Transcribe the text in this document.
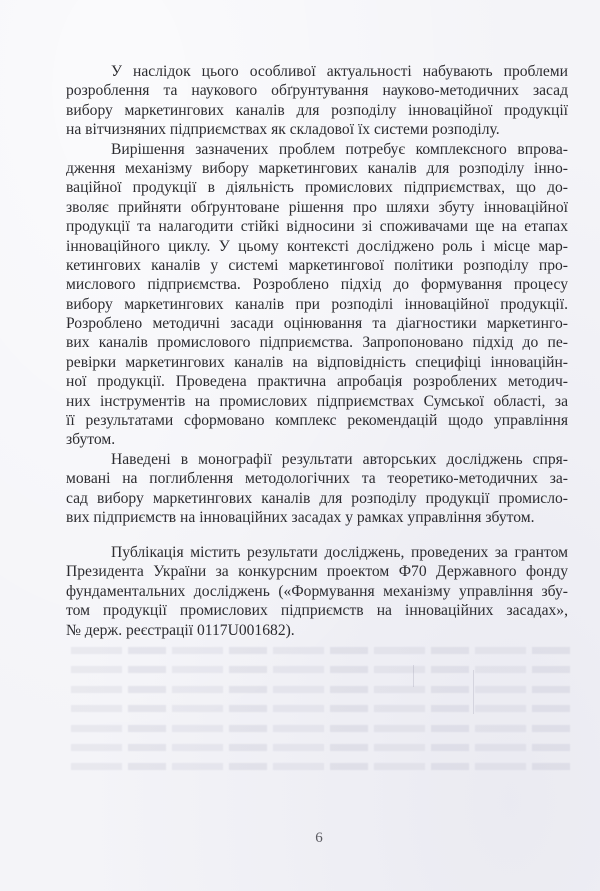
У наслідок цього особливої актуальності набувають проблеми
розроблення та наукового обґрунтування науково-методичних засад
вибору маркетингових каналів для розподілу інноваційної продукції
на вітчизняних підприємствах як складової їх системи розподілу.
Вирішення зазначених проблем потребує комплексного впрова-
дження механізму вибору маркетингових каналів для розподілу інно-
ваційної продукції в діяльність промислових підприємствах, що до-
зволяє прийняти обґрунтоване рішення про шляхи збуту інноваційної
продукції та налагодити стійкі відносини зі споживачами ще на етапах
інноваційного циклу. У цьому контексті досліджено роль і місце мар-
кетингових каналів у системі маркетингової політики розподілу про-
мислового підприємства. Розроблено підхід до формування процесу
вибору маркетингових каналів при розподілі інноваційної продукції.
Розроблено методичні засади оцінювання та діагностики маркетинго-
вих каналів промислового підприємства. Запропоновано підхід до пе-
ревірки маркетингових каналів на відповідність специфіці інноваційн-
ної продукції. Проведена практична апробація розроблених методич-
них інструментів на промислових підприємствах Сумської області, за
її результатами сформовано комплекс рекомендацій щодо управління
збутом.
Наведені в монографії результати авторських досліджень спря-
мовані на поглиблення методологічних та теоретико-методичних за-
сад вибору маркетингових каналів для розподілу продукції промисло-
вих підприємств на інноваційних засадах у рамках управління збутом.
Публікація містить результати досліджень, проведених за грантом
Президента України за конкурсним проектом Ф70 Державного фонду
фундаментальних досліджень («Формування механізму управління збу-
том продукції промислових підприємств на інноваційних засадах»,
№ держ. реєстрації 0117U001682).
6
